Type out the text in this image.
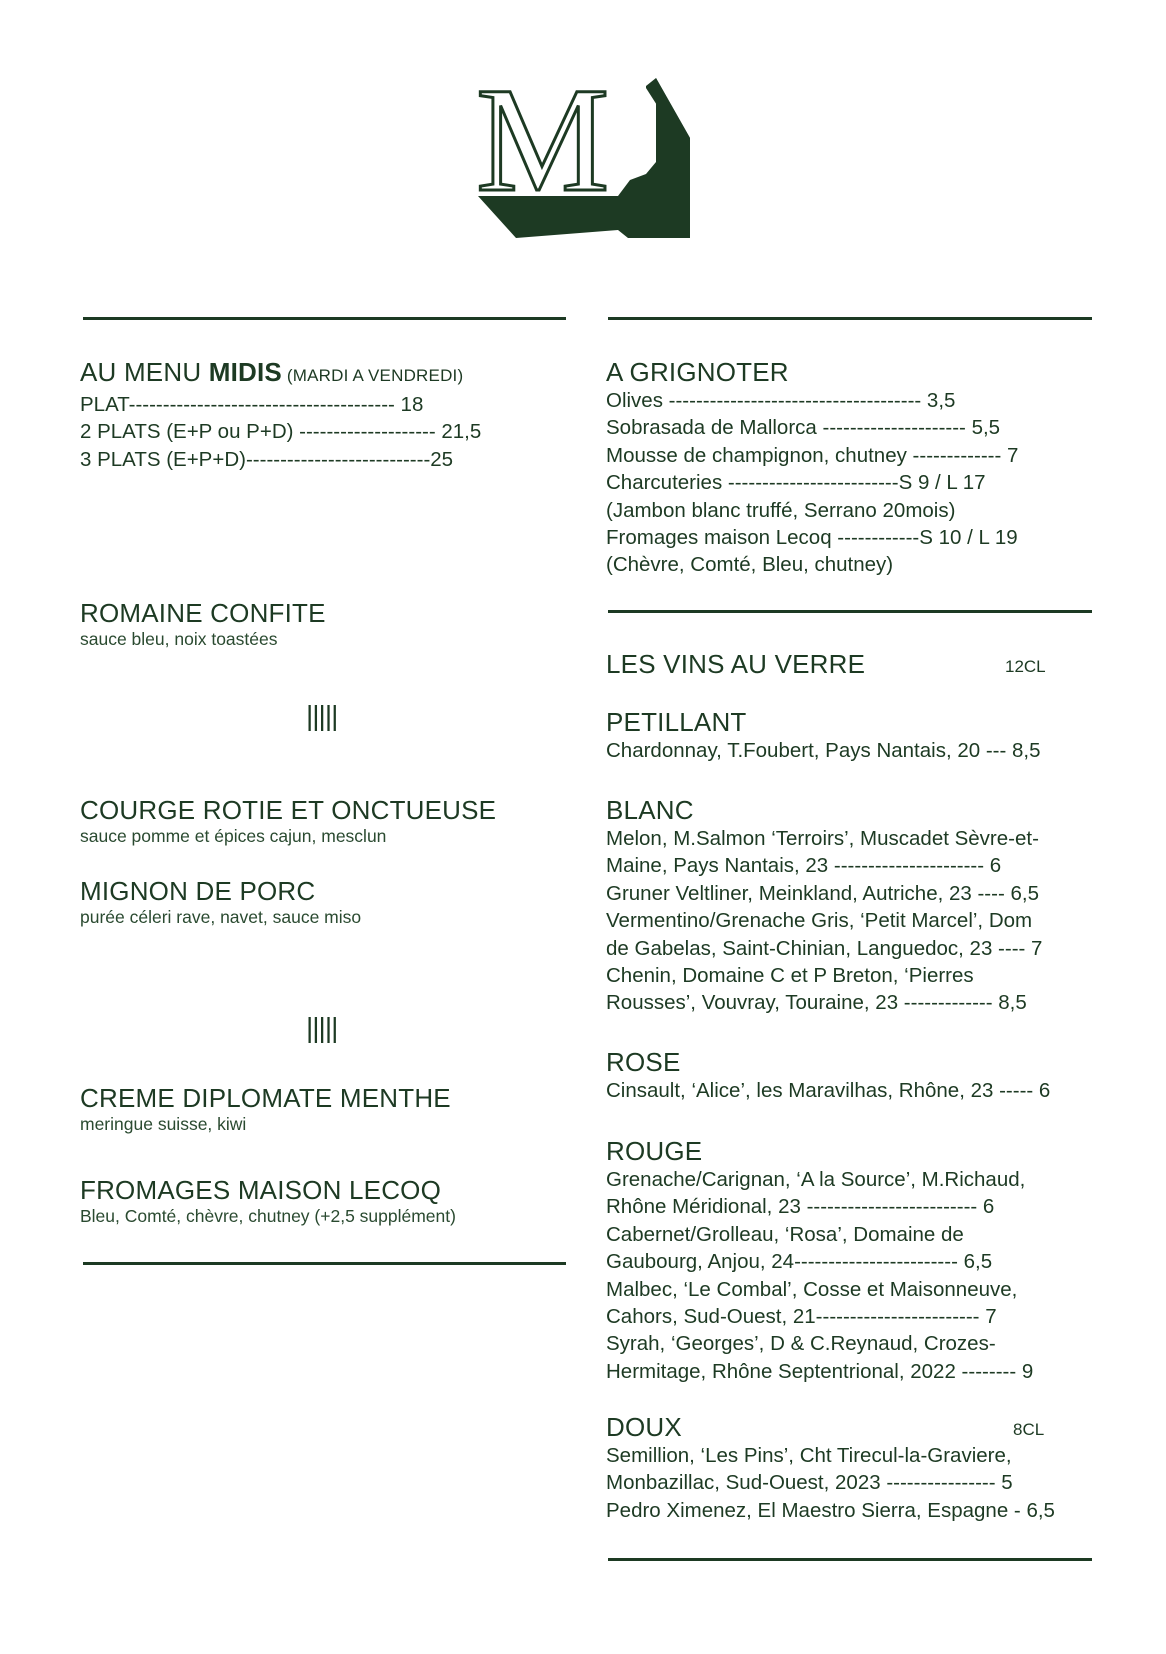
M
AU MENU MIDIS (MARDI A VENDREDI)
PLAT--------------------------------------- 18
2 PLATS (E+P ou P+D) -------------------- 21,5
3 PLATS (E+P+D)---------------------------25
ROMAINE CONFITE
sauce bleu, noix toastées
|||||
COURGE ROTIE ET ONCTUEUSE
sauce pomme et épices cajun, mesclun
MIGNON DE PORC
purée céleri rave, navet, sauce miso
|||||
CREME DIPLOMATE MENTHE
meringue suisse, kiwi
FROMAGES MAISON LECOQ
Bleu, Comté, chèvre, chutney (+2,5 supplément)
A GRIGNOTER
Olives ------------------------------------- 3,5
Sobrasada de Mallorca --------------------- 5,5
Mousse de champignon, chutney ------------- 7
Charcuteries -------------------------S 9 / L 17
(Jambon blanc truffé, Serrano 20mois)
Fromages maison Lecoq ------------S 10 / L 19
(Chèvre, Comté, Bleu, chutney)
LES VINS AU VERRE	12CL
PETILLANT
Chardonnay, T.Foubert, Pays Nantais, 20 --- 8,5
BLANC
Melon, M.Salmon ‘Terroirs’, Muscadet Sèvre-et-
Maine, Pays Nantais, 23 ---------------------- 6
Gruner Veltliner, Meinkland, Autriche, 23 ---- 6,5
Vermentino/Grenache Gris, ‘Petit Marcel’, Dom
de Gabelas, Saint-Chinian, Languedoc, 23 ---- 7
Chenin, Domaine C et P Breton, ‘Pierres
Rousses’, Vouvray, Touraine, 23 ------------- 8,5
ROSE
Cinsault, ‘Alice’, les Maravilhas, Rhône, 23 ----- 6
ROUGE
Grenache/Carignan, ‘A la Source’, M.Richaud,
Rhône Méridional, 23 ------------------------- 6
Cabernet/Grolleau, ‘Rosa’, Domaine de
Gaubourg, Anjou, 24------------------------ 6,5
Malbec, ‘Le Combal’, Cosse et Maisonneuve,
Cahors, Sud-Ouest, 21------------------------ 7
Syrah, ‘Georges’, D & C.Reynaud, Crozes-
Hermitage, Rhône Septentrional, 2022 -------- 9
DOUX
Semillion, ‘Les Pins’, Cht Tirecul-la-Graviere,
Monbazillac, Sud-Ouest, 2023 ---------------- 5
Pedro Ximenez, El Maestro Sierra, Espagne - 6,5
8CL
